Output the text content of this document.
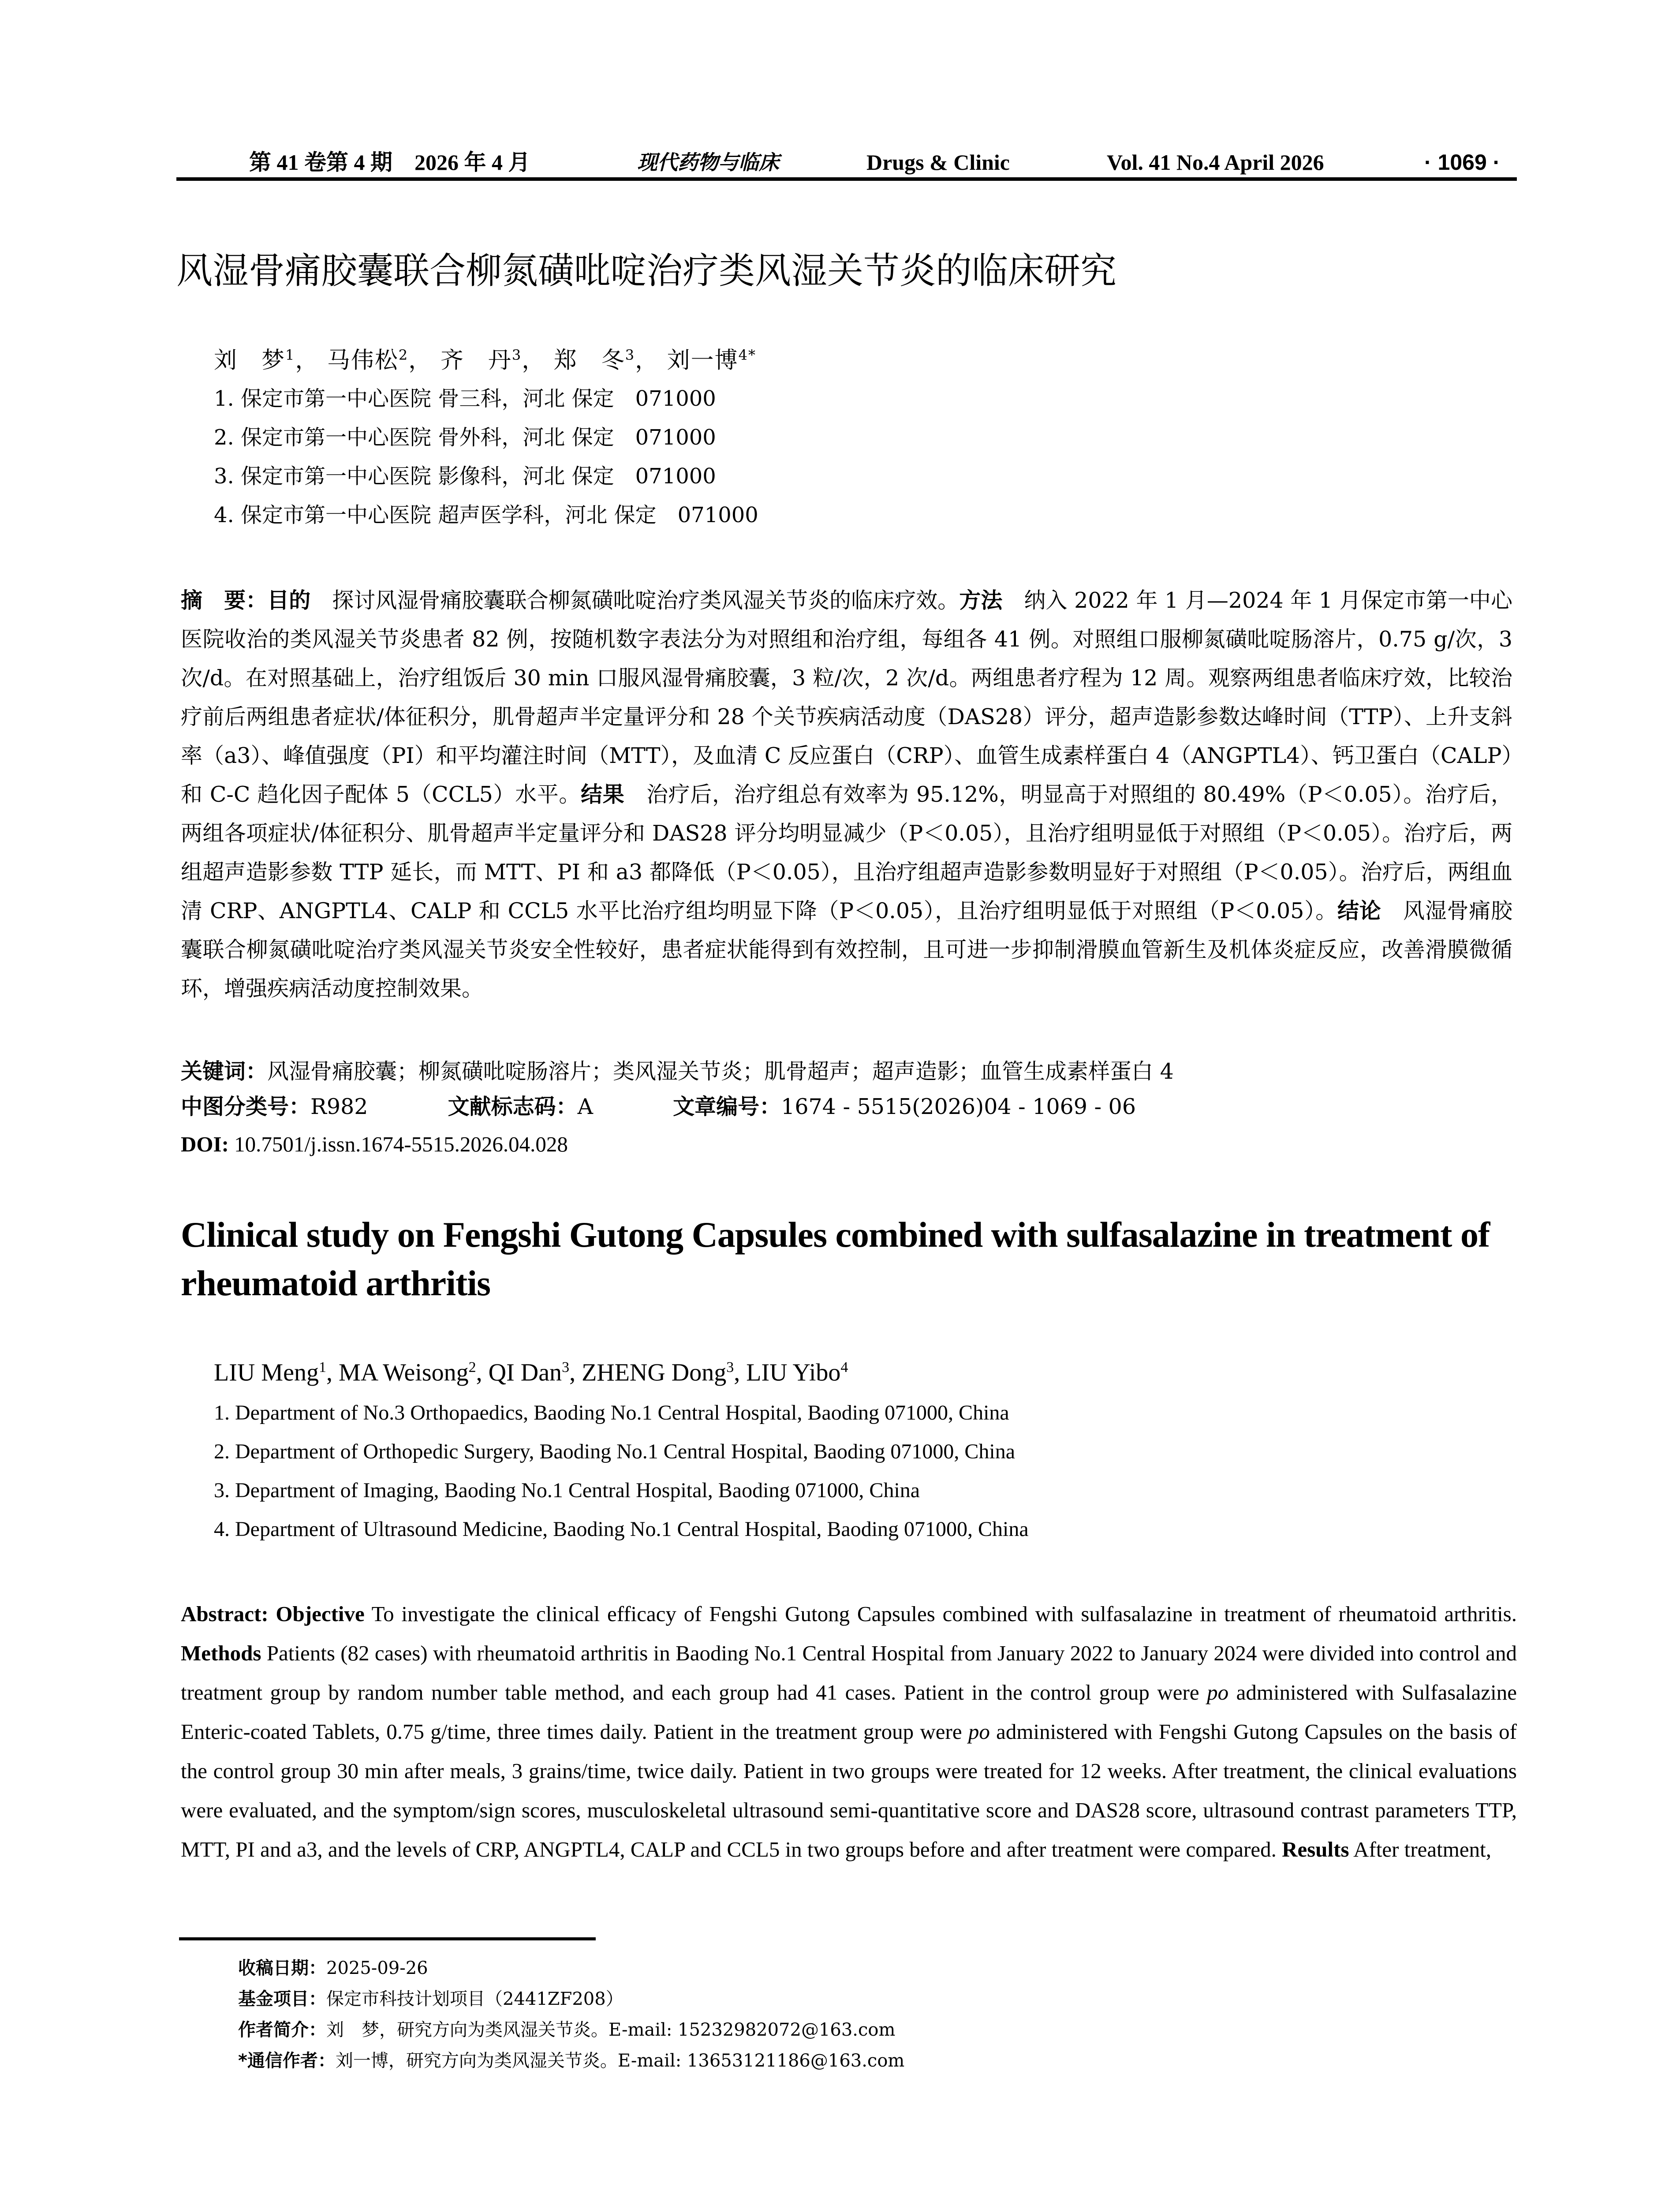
第 41 卷第 4 期　2026 年 4 月	现代药物与临床	Drugs & Clinic	Vol. 41 No.4 April 2026	· 1069 ·
风湿骨痛胶囊联合柳氮磺吡啶治疗类风湿关节炎的临床研究
刘　梦$^1$， 马伟松$^2$， 齐　丹$^3$， 郑　冬$^3$， 刘一博$^{4*}$
1. 保定市第一中心医院 骨三科，河北 保定　071000
2. 保定市第一中心医院 骨外科，河北 保定　071000
3. 保定市第一中心医院 影像科，河北 保定　071000
4. 保定市第一中心医院 超声医学科，河北 保定　071000
摘　要：目的　探讨风湿骨痛胶囊联合柳氮磺吡啶治疗类风湿关节炎的临床疗效。方法　纳入 2022 年 1 月—2024 年 1 月保定市第一中心医院收治的类风湿关节炎患者 82 例，按随机数字表法分为对照组和治疗组，每组各 41 例。对照组口服柳氮磺吡啶肠溶片，0.75 g/次，3 次/d。在对照基础上，治疗组饭后 30 min 口服风湿骨痛胶囊，3 粒/次，2 次/d。两组患者疗程为 12 周。观察两组患者临床疗效，比较治疗前后两组患者症状/体征积分，肌骨超声半定量评分和 28 个关节疾病活动度（DAS28）评分，超声造影参数达峰时间（TTP）、上升支斜率（a3）、峰值强度（PI）和平均灌注时间（MTT），及血清 C 反应蛋白（CRP）、血管生成素样蛋白 4（ANGPTL4）、钙卫蛋白（CALP）和 C-C 趋化因子配体 5（CCL5）水平。结果　治疗后，治疗组总有效率为 95.12%，明显高于对照组的 80.49%（P＜0.05）。治疗后，两组各项症状/体征积分、肌骨超声半定量评分和 DAS28 评分均明显减少（P＜0.05），且治疗组明显低于对照组（P＜0.05）。治疗后，两组超声造影参数 TTP 延长，而 MTT、PI 和 a3 都降低（P＜0.05），且治疗组超声造影参数明显好于对照组（P＜0.05）。治疗后，两组血清 CRP、ANGPTL4、CALP 和 CCL5 水平比治疗组均明显下降（P＜0.05），且治疗组明显低于对照组（P＜0.05）。结论　风湿骨痛胶囊联合柳氮磺吡啶治疗类风湿关节炎安全性较好，患者症状能得到有效控制，且可进一步抑制滑膜血管新生及机体炎症反应，改善滑膜微循环，增强疾病活动度控制效果。
关键词：风湿骨痛胶囊；柳氮磺吡啶肠溶片；类风湿关节炎；肌骨超声；超声造影；血管生成素样蛋白 4
中图分类号：R982	文献标志码：A	文章编号：1674 - 5515(2026)04 - 1069 - 06
DOI: 10.7501/j.issn.1674-5515.2026.04.028
Clinical study on Fengshi Gutong Capsules combined with sulfasalazine in treatment of rheumatoid arthritis
LIU Meng$^1$, MA Weisong$^2$, QI Dan$^3$, ZHENG Dong$^3$, LIU Yibo$^4$
1. Department of No.3 Orthopaedics, Baoding No.1 Central Hospital, Baoding 071000, China
2. Department of Orthopedic Surgery, Baoding No.1 Central Hospital, Baoding 071000, China
3. Department of Imaging, Baoding No.1 Central Hospital, Baoding 071000, China
4. Department of Ultrasound Medicine, Baoding No.1 Central Hospital, Baoding 071000, China
Abstract: Objective To investigate the clinical efficacy of Fengshi Gutong Capsules combined with sulfasalazine in treatment of rheumatoid arthritis. Methods Patients (82 cases) with rheumatoid arthritis in Baoding No.1 Central Hospital from January 2022 to January 2024 were divided into control and treatment group by random number table method, and each group had 41 cases. Patient in the control group were po administered with Sulfasalazine Enteric-coated Tablets, 0.75 g/time, three times daily. Patient in the treatment group were po administered with Fengshi Gutong Capsules on the basis of the control group 30 min after meals, 3 grains/time, twice daily. Patient in two groups were treated for 12 weeks. After treatment, the clinical evaluations were evaluated, and the symptom/sign scores, musculoskeletal ultrasound semi-quantitative score and DAS28 score, ultrasound contrast parameters TTP, MTT, PI and a3, and the levels of CRP, ANGPTL4, CALP and CCL5 in two groups before and after treatment were compared. Results After treatment,
收稿日期：2025-09-26
基金项目：保定市科技计划项目（2441ZF208）
作者简介：刘　梦，研究方向为类风湿关节炎。E-mail: 15232982072@163.com
*通信作者：刘一博，研究方向为类风湿关节炎。E-mail: 13653121186@163.com
